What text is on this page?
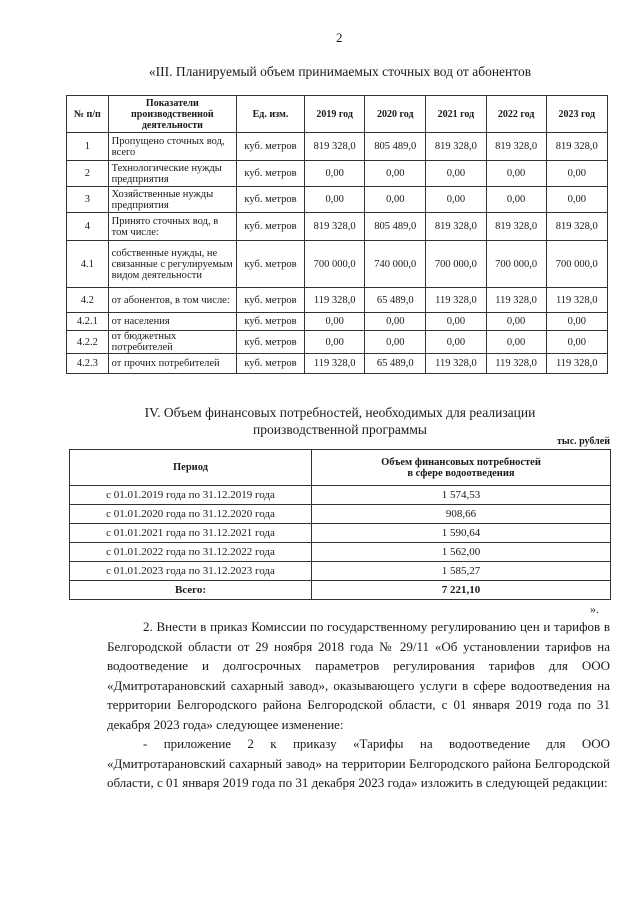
2
«III. Планируемый объем принимаемых сточных вод от абонентов
№ п/п	Показатели производственной деятельности	Ед. изм.	2019 год	2020 год	2021 год	2022 год	2023 год
1	Пропущено сточных вод, всего	куб. метров	819 328,0	805 489,0	819 328,0	819 328,0	819 328,0
2	Технологические нужды предприятия	куб. метров	0,00	0,00	0,00	0,00	0,00
3	Хозяйственные нужды предприятия	куб. метров	0,00	0,00	0,00	0,00	0,00
4	Принято сточных вод, в том числе:	куб. метров	819 328,0	805 489,0	819 328,0	819 328,0	819 328,0
4.1	собственные нужды, не связанные с регулируемым видом деятельности	куб. метров	700 000,0	740 000,0	700 000,0	700 000,0	700 000,0
4.2	от абонентов, в том числе:	куб. метров	119 328,0	65 489,0	119 328,0	119 328,0	119 328,0
4.2.1	от населения	куб. метров	0,00	0,00	0,00	0,00	0,00
4.2.2	от бюджетных потребителей	куб. метров	0,00	0,00	0,00	0,00	0,00
4.2.3	от прочих потребителей	куб. метров	119 328,0	65 489,0	119 328,0	119 328,0	119 328,0
IV. Объем финансовых потребностей, необходимых для реализации
производственной программы
тыс. рублей
Период	Объем финансовых потребностей
в сфере водоотведения
с 01.01.2019 года по 31.12.2019 года	1 574,53
с 01.01.2020 года по 31.12.2020 года	908,66
с 01.01.2021 года по 31.12.2021 года	1 590,64
с 01.01.2022 года по 31.12.2022 года	1 562,00
с 01.01.2023 года по 31.12.2023 года	1 585,27
Всего:	7 221,10
».

2. Внести в приказ Комиссии по государственному регулированию цен и тарифов в Белгородской области от 29 ноября 2018 года № 29/11 «Об установлении тарифов на водоотведение и долгосрочных параметров регулирования тарифов для ООО «Дмитротарановский сахарный завод», оказывающего услуги в сфере водоотведения на территории Белгородского района Белгородской области, с 01 января 2019 года по 31 декабря 2023 года» следующее изменение:

- приложение 2 к приказу «Тарифы на водоотведение для ООО «Дмитротарановский сахарный завод» на территории Белгородского района Белгородской области, с 01 января 2019 года по 31 декабря 2023 года» изложить в следующей редакции:
